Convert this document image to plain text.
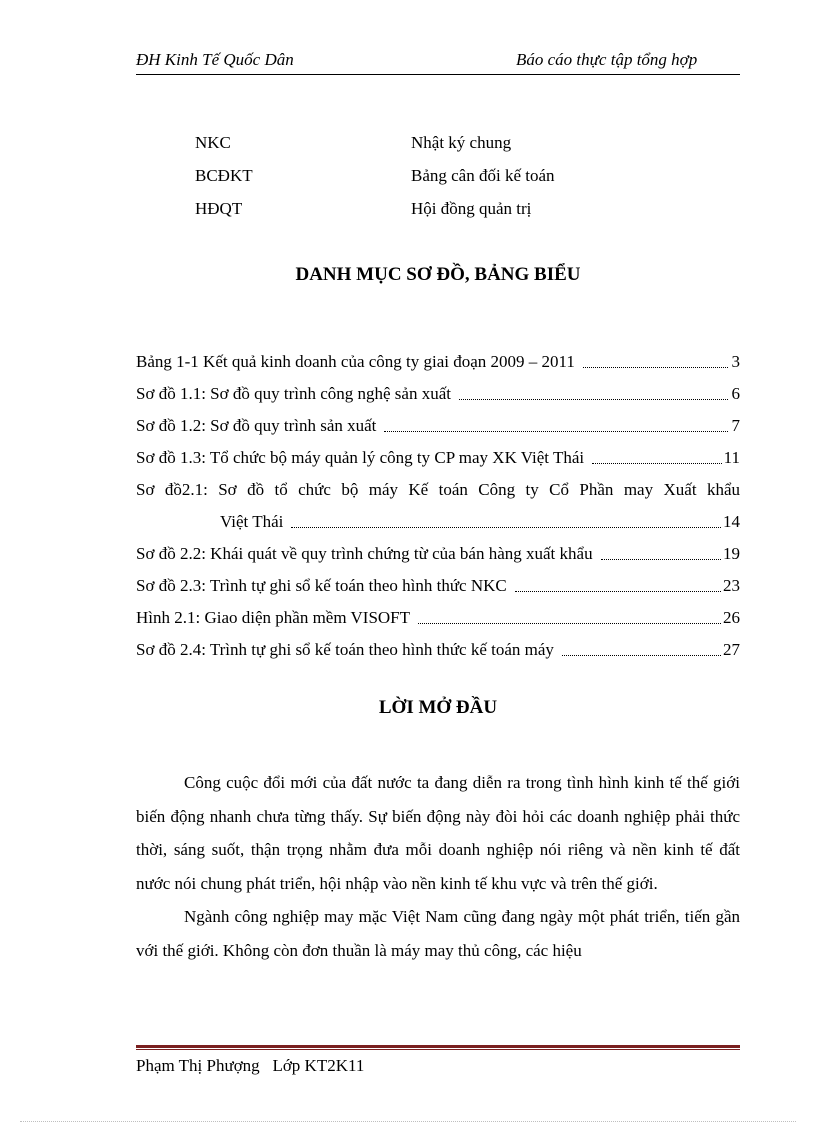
ĐH Kinh Tế Quốc Dân	Báo cáo thực tập tổng hợp
NKC	Nhật ký chung
BCĐKT	Bảng cân đối kế toán
HĐQT	Hội đồng quản trị
DANH MỤC SƠ ĐỒ, BẢNG BIỂU
Bảng 1-1 Kết quả kinh doanh của công ty giai đoạn 2009 – 2011	3
Sơ đồ 1.1: Sơ đồ quy trình công nghệ sản xuất	6
Sơ đồ 1.2: Sơ đồ quy trình sản xuất	7
Sơ đồ 1.3: Tổ chức bộ máy quản lý công ty CP may XK Việt Thái	11
Sơ đồ2.1: Sơ đồ tổ chức bộ máy Kế toán Công ty Cổ Phần may Xuất khẩu
Việt Thái	14
Sơ đồ 2.2: Khái quát về quy trình chứng từ của bán hàng xuất khẩu	19
Sơ đồ 2.3: Trình tự ghi sổ kế toán theo hình thức NKC	23
Hình 2.1: Giao diện phần mềm VISOFT	26
Sơ đồ 2.4: Trình tự ghi sổ kế toán theo hình thức kế toán máy	27
LỜI MỞ ĐẦU

Công cuộc đổi mới của đất nước ta đang diễn ra trong tình hình kinh tế thế giới biến động nhanh chưa từng thấy. Sự biến động này đòi hỏi các doanh nghiệp phải thức thời, sáng suốt, thận trọng nhằm đưa mỗi doanh nghiệp nói riêng và nền kinh tế đất nước nói chung phát triển, hội nhập vào nền kinh tế khu vực và trên thế giới.

Ngành công nghiệp may mặc Việt Nam cũng đang ngày một phát triển, tiến gần với thế giới. Không còn đơn thuần là máy may thủ công, các hiệu

Phạm Thị Phượng Lớp KT2K11
